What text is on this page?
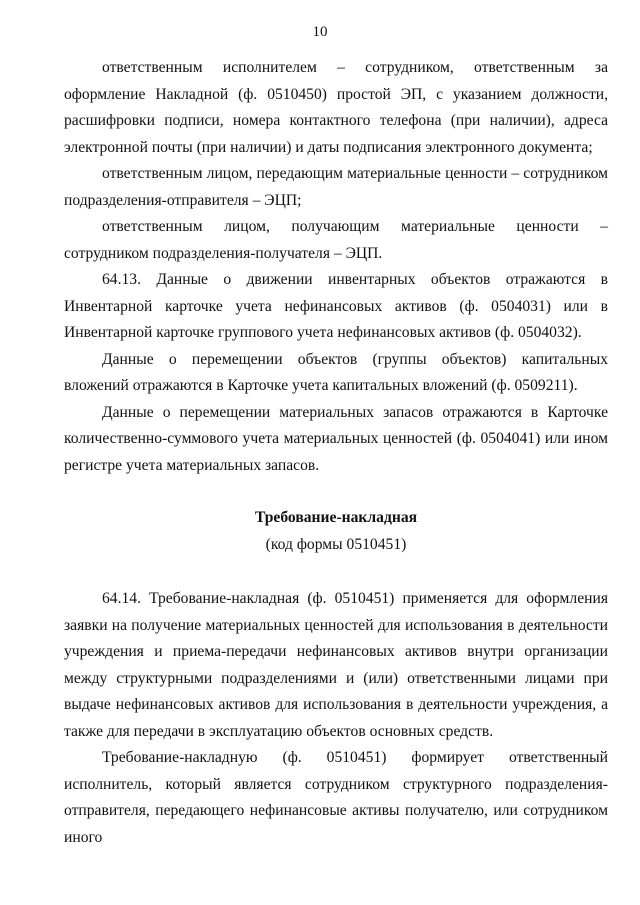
10

ответственным исполнителем – сотрудником, ответственным за оформление Накладной (ф. 0510450) простой ЭП, с указанием должности, расшифровки подписи, номера контактного телефона (при наличии), адреса электронной почты (при наличии) и даты подписания электронного документа;

ответственным лицом, передающим материальные ценности – сотрудником подразделения-отправителя – ЭЦП;

ответственным лицом, получающим материальные ценности – сотрудником подразделения-получателя – ЭЦП.

64.13. Данные о движении инвентарных объектов отражаются в Инвентарной карточке учета нефинансовых активов (ф. 0504031) или в Инвентарной карточке группового учета нефинансовых активов (ф. 0504032).

Данные о перемещении объектов (группы объектов) капитальных вложений отражаются в Карточке учета капитальных вложений (ф. 0509211).

Данные о перемещении материальных запасов отражаются в Карточке количественно-суммового учета материальных ценностей (ф. 0504041) или ином регистре учета материальных запасов.

Требование-накладная

(код формы 0510451)

64.14. Требование-накладная (ф. 0510451) применяется для оформления заявки на получение материальных ценностей для использования в деятельности учреждения и приема-передачи нефинансовых активов внутри организации между структурными подразделениями и (или) ответственными лицами при выдаче нефинансовых активов для использования в деятельности учреждения, а также для передачи в эксплуатацию объектов основных средств.

Требование-накладную (ф. 0510451) формирует ответственный исполнитель, который является сотрудником структурного подразделения-отправителя, передающего нефинансовые активы получателю, или сотрудником иного
